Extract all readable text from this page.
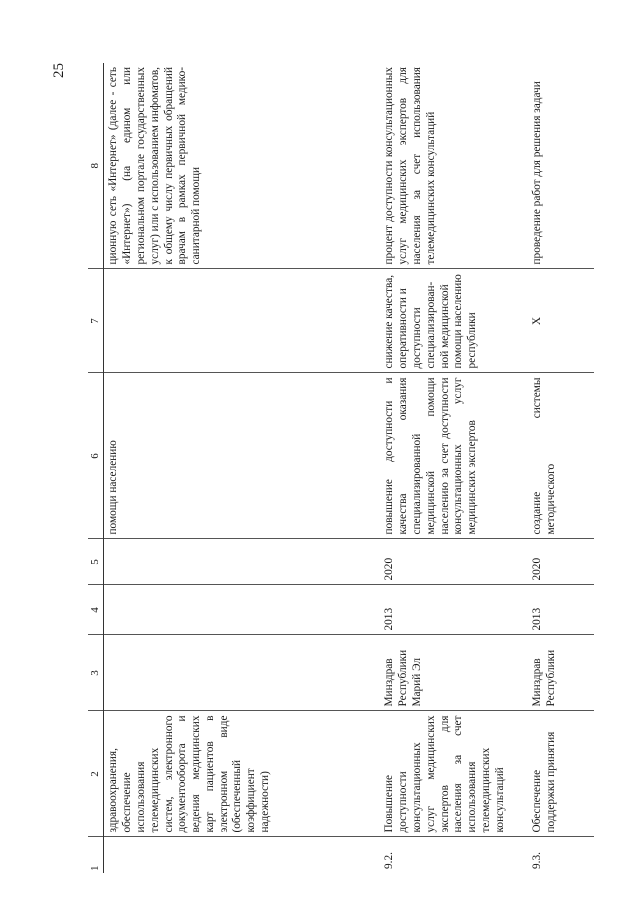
25
1	2	3	4	5	6	7	8
	здравоохранения, обеспечение использования телемедицинских систем, электронного документооборота и ведения медицинских карт пациентов в электронном виде (обеспеченный коэффициент надежности)				помощи населению		ционную сеть «Интернет» (далее - сеть «Интернет») (на едином или региональном портале государственных услуг) или с использованием инфоматов, к общему числу первичных обращений врачам в рамках первичной медико-санитарной помощи
9.2.	Повышение доступности консультационных услуг медицинских экспертов для населения за счет использования телемедицинских консультаций	Минздрав Республики Марий Эл	2013	2020	повышение доступности и качества оказания специализированной медицинской помощи населению за счет доступности консультационных услуг медицинских экспертов	снижение качества, оперативности и доступности специализирован-ной медицинской помощи населению республики	процент доступности консультационных услуг медицинских экспертов для населения за счет использования телемедицинских консультаций
9.3.	Обеспечение поддержки принятия	Минздрав Республики	2013	2020	создание системы методического	X	проведение работ для решения задачи
